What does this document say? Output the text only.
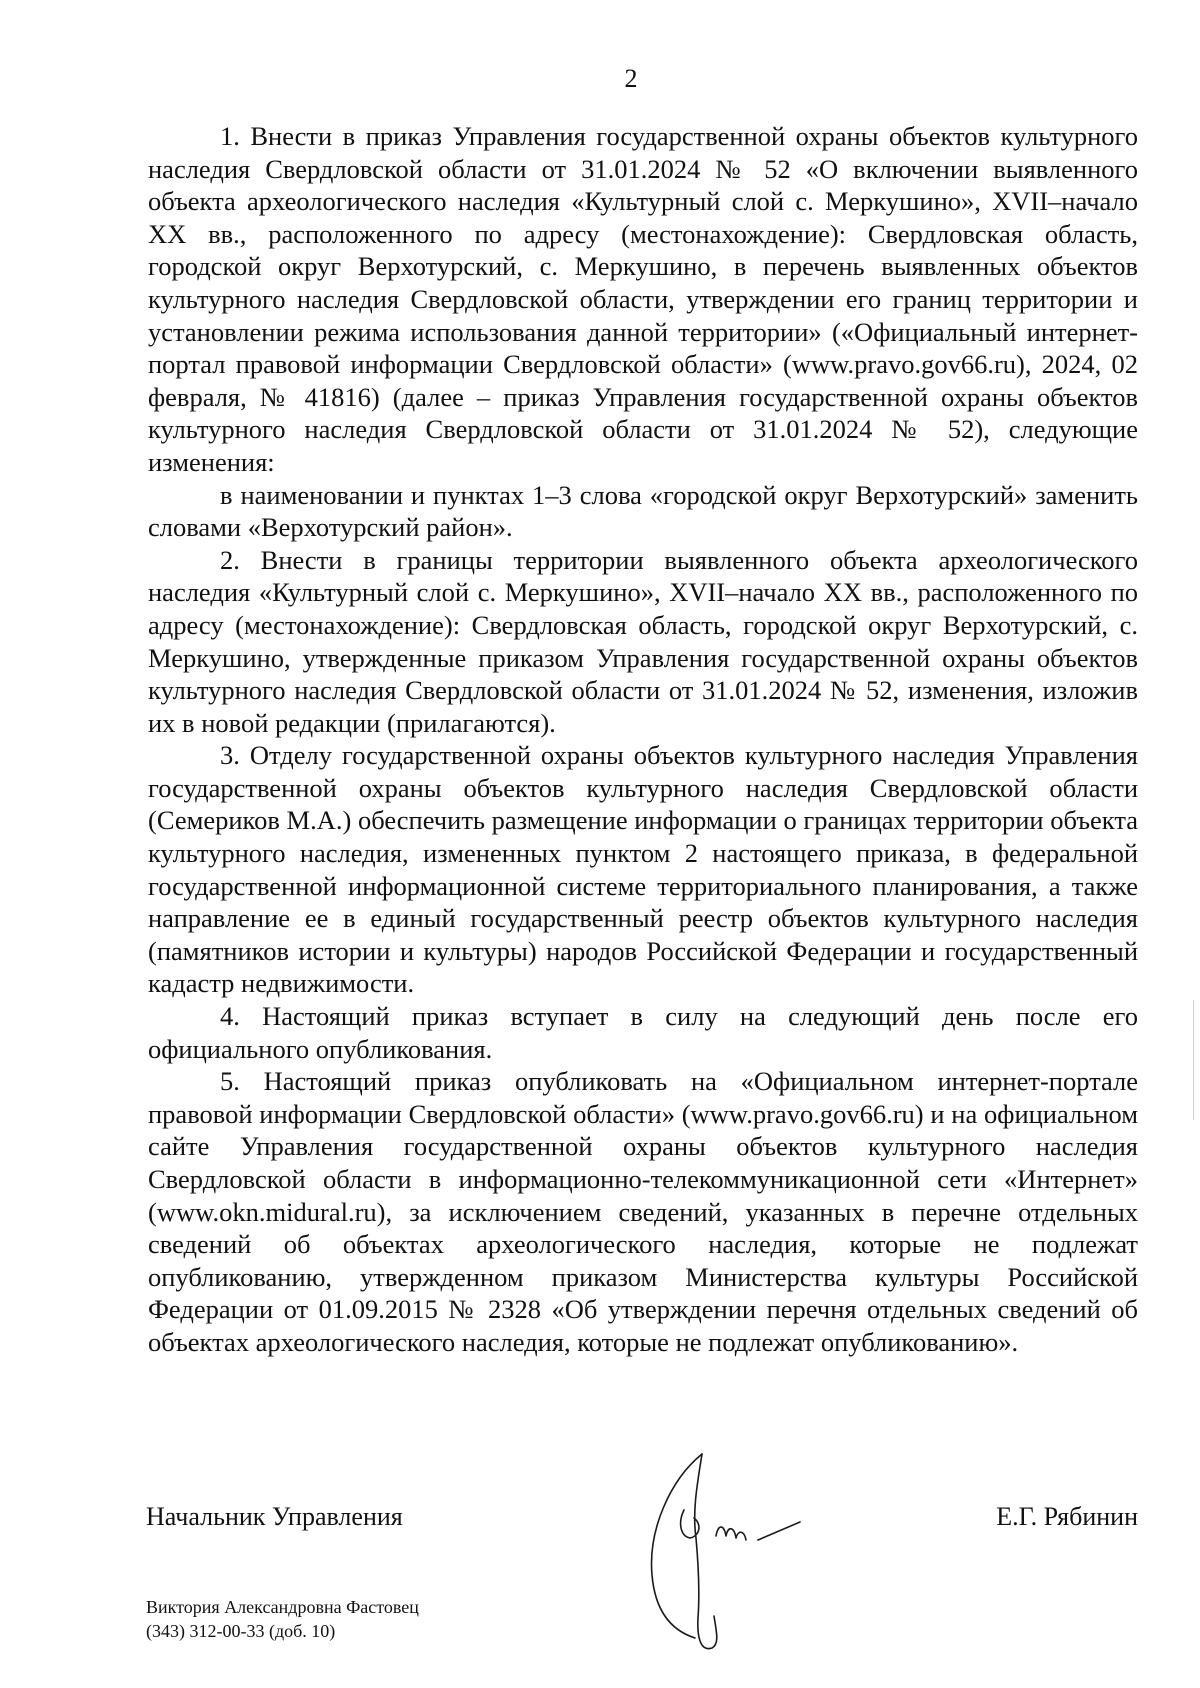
2

1. Внести в приказ Управления государственной охраны объектов культурного наследия Свердловской области от 31.01.2024 № 52 «О включении выявленного объекта археологического наследия «Культурный слой с. Меркушино», XVII–начало XX вв., расположенного по адресу (местонахождение): Свердловская область, городской округ Верхотурский, с. Меркушино, в перечень выявленных объектов культурного наследия Свердловской области, утверждении его границ территории и установлении режима использования данной территории» («Официальный интернет-портал правовой информации Свердловской области» (www.pravo.gov66.ru), 2024, 02 февраля, № 41816) (далее – приказ Управления государственной охраны объектов культурного наследия Свердловской области от 31.01.2024 № 52), следующие изменения:

в наименовании и пунктах 1–3 слова «городской округ Верхотурский» заменить словами «Верхотурский район».

2. Внести в границы территории выявленного объекта археологического наследия «Культурный слой с. Меркушино», XVII–начало XX вв., расположенного по адресу (местонахождение): Свердловская область, городской округ Верхотурский, с. Меркушино, утвержденные приказом Управления государственной охраны объектов культурного наследия Свердловской области от 31.01.2024 № 52, изменения, изложив их в новой редакции (прилагаются).

3. Отделу государственной охраны объектов культурного наследия Управления государственной охраны объектов культурного наследия Свердловской области (Семериков М.А.) обеспечить размещение информации о границах территории объекта культурного наследия, измененных пунктом 2 настоящего приказа, в федеральной государственной информационной системе территориального планирования, а также направление ее в единый государственный реестр объектов культурного наследия (памятников истории и культуры) народов Российской Федерации и государственный кадастр недвижимости.

4. Настоящий приказ вступает в силу на следующий день после его официального опубликования.

5. Настоящий приказ опубликовать на «Официальном интернет-портале правовой информации Свердловской области» (www.pravo.gov66.ru) и на официальном сайте Управления государственной охраны объектов культурного наследия Свердловской области в информационно-телекоммуникационной сети «Интернет» (www.okn.midural.ru), за исключением сведений, указанных в перечне отдельных сведений об объектах археологического наследия, которые не подлежат опубликованию, утвержденном приказом Министерства культуры Российской Федерации от 01.09.2015 № 2328 «Об утверждении перечня отдельных сведений об объектах археологического наследия, которые не подлежат опубликованию».

Начальник Управления	Е.Г. Рябинин
Виктория Александровна Фастовец
(343) 312-00-33 (доб. 10)
